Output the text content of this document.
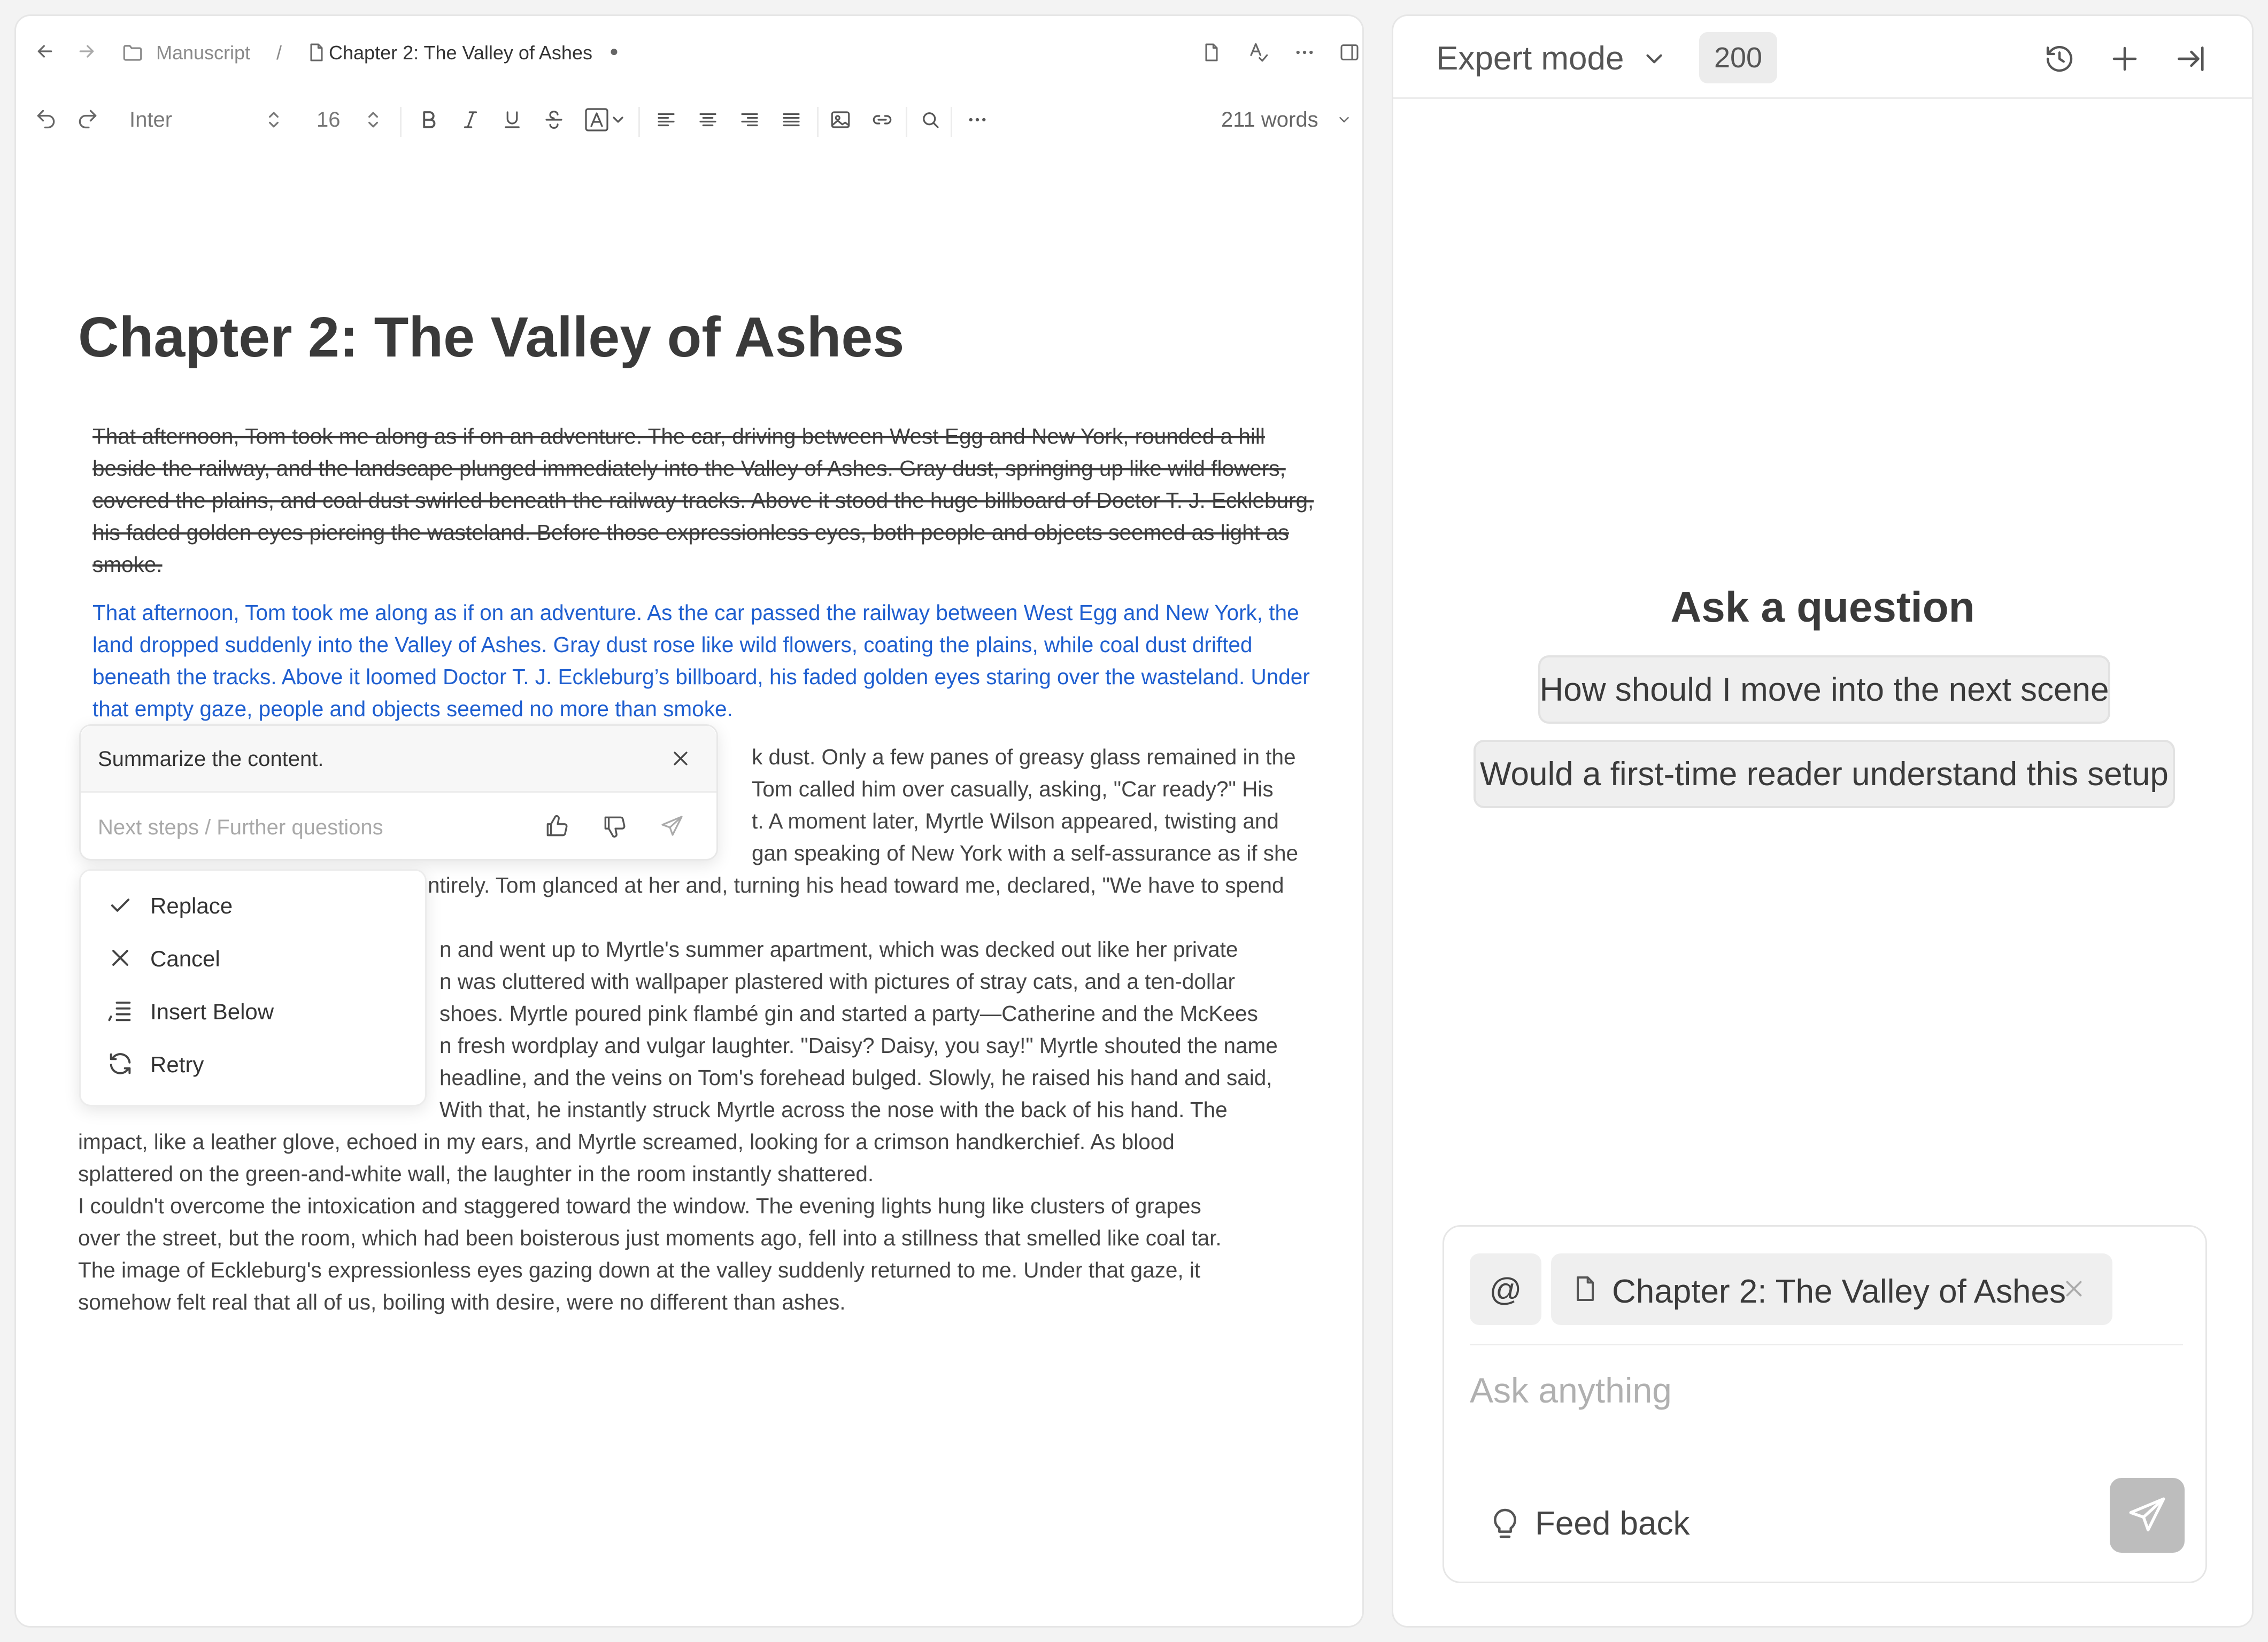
Manuscript / Chapter 2: The Valley of Ashes ●
Inter	16	211 words
Chapter 2: The Valley of Ashes

That afternoon, Tom took me along as if on an adventure. The car, driving between West Egg and New York, rounded a hill beside the railway, and the landscape plunged immediately into the Valley of Ashes. Gray dust, springing up like wild flowers, covered the plains, and coal dust swirled beneath the railway tracks. Above it stood the huge billboard of Doctor T. J. Eckleburg, his faded golden eyes piercing the wasteland. Before those expressionless eyes, both people and objects seemed as light as smoke.

That afternoon, Tom took me along as if on an adventure. As the car passed the railway between West Egg and New York, the land dropped suddenly into the Valley of Ashes. Gray dust rose like wild flowers, coating the plains, while coal dust drifted beneath the tracks. Above it loomed Doctor T. J. Eckleburg’s billboard, his faded golden eyes staring over the wasteland. Under that empty gaze, people and objects seemed no more than smoke.

k dust. Only a few panes of greasy glass remained in the
Tom called him over casually, asking, "Car ready?" His
t. A moment later, Myrtle Wilson appeared, twisting and
gan speaking of New York with a self-assurance as if she
ntirely. Tom glanced at her and, turning his head toward me, declared, "We have to spend
n and went up to Myrtle's summer apartment, which was decked out like her private
n was cluttered with wallpaper plastered with pictures of stray cats, and a ten-dollar
shoes. Myrtle poured pink flambé gin and started a party—Catherine and the McKees
n fresh wordplay and vulgar laughter. "Daisy? Daisy, you say!" Myrtle shouted the name
headline, and the veins on Tom's forehead bulged. Slowly, he raised his hand and said,
With that, he instantly struck Myrtle across the nose with the back of his hand. The
impact, like a leather glove, echoed in my ears, and Myrtle screamed, looking for a crimson handkerchief. As blood
splattered on the green-and-white wall, the laughter in the room instantly shattered.
I couldn't overcome the intoxication and staggered toward the window. The evening lights hung like clusters of grapes
over the street, but the room, which had been boisterous just moments ago, fell into a stillness that smelled like coal tar.
The image of Eckleburg's expressionless eyes gazing down at the valley suddenly returned to me. Under that gaze, it
somehow felt real that all of us, boiling with desire, were no different than ashes.
Summarize the content.
Next steps / Further questions
Replace
Cancel
Insert Below
Retry
Expert mode	200
Ask a question
How should I move into the next scene
Would a first-time reader understand this setup
@	Chapter 2: The Valley of Ashes
Ask anything
Feed back
